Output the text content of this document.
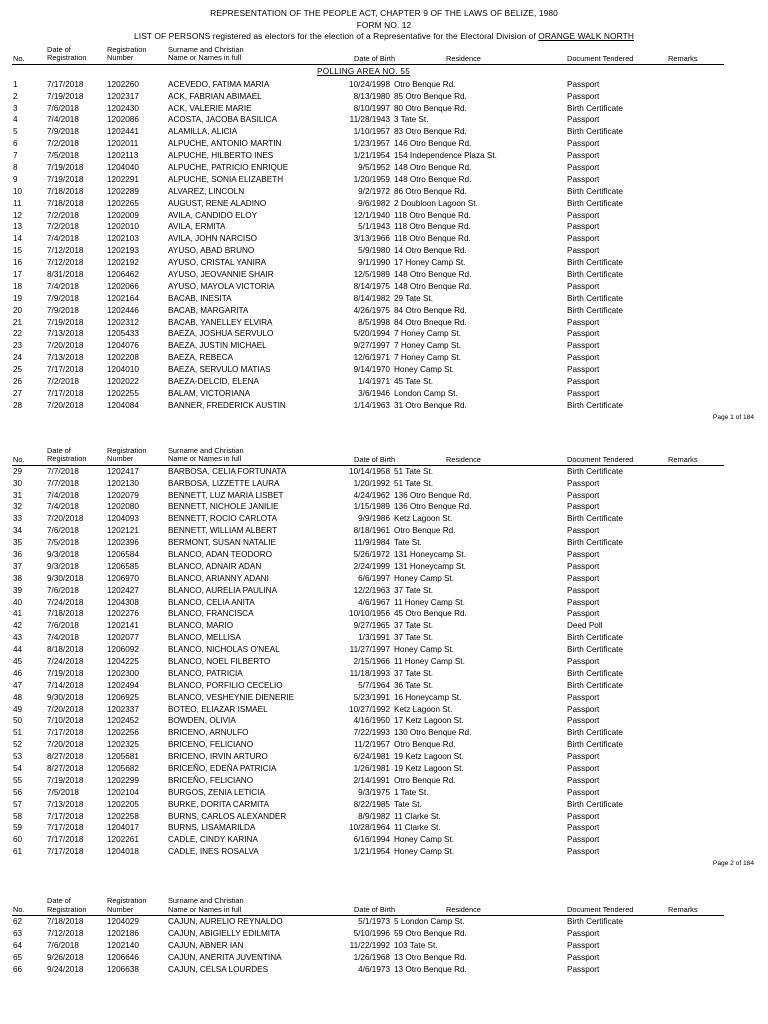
REPRESENTATION OF THE PEOPLE ACT, CHAPTER 9 OF THE LAWS OF BELIZE, 1980
FORM NO. 12
LIST OF PERSONS registered as electors for the election of a Representative for the Electoral Division of ORANGE WALK NORTH
No.
Date of
Registration
Registration
Number
Surname and Christian
Name or Names in full	Date of Birth	Residence	Document Tendered	Remarks
POLLING AREA NO. 55
1	7/17/2018	1202260	ACEVEDO, FATIMA MARIA	10/24/1998 Otro Benque Rd.	Passport
2	7/19/2018	1202317	ACK, FABRIAN ABIMAEL	8/13/1980 85 Otro Benque Rd.	Passport
3	7/6/2018	1202430	ACK, VALERIE MARIE	8/10/1997 80 Otro Benque Rd.	Birth Certificate
4	7/4/2018	1202086	ACOSTA, JACOBA BASILICA	11/28/1943 3 Tate St.	Passport
5	7/9/2018	1202441	ALAMILLA, ALICIA	1/10/1957 83 Otro Benque Rd.	Birth Certificate
6	7/2/2018	1202011	ALPUCHE, ANTONIO MARTIN	1/23/1957 146 Otro Benque Rd.	Passport
7	7/5/2018	1202113	ALPUCHE, HILBERTO INES	1/21/1954 154 Independence Plaza St.	Passport
8	7/19/2018	1204040	ALPUCHE, PATRICIO ENRIQUE	9/5/1952 148 Otro Benque Rd.	Passport
9	7/19/2018	1202291	ALPUCHE, SONIA ELIZABETH	1/20/1959 148 Otro Benque Rd.	Passport
10	7/18/2018	1202289	ALVAREZ, LINCOLN	9/2/1972 86 Otro Benque Rd.	Birth Certificate
11	7/18/2018	1202265	AUGUST, RENE ALADINO	9/6/1982 2 Doubloon Lagoon St.	Birth Certificate
12	7/2/2018	1202009	AVILA, CANDIDO ELOY	12/1/1940 118 Otro Benque Rd.	Passport
13	7/2/2018	1202010	AVILA, ERMITA	5/1/1943 118 Otro Benque Rd.	Passport
14	7/4/2018	1202103	AVILA, JOHN NARCISO	3/13/1966 118 Otro Benque Rd.	Passport
15	7/12/2018	1202193	AYUSO, ABAD BRUNO	5/9/1980 14 Otro Benque Rd.	Passport
16	7/12/2018	1202192	AYUSO, CRISTAL YANIRA	9/1/1990 17 Honey Camp St.	Birth Certificate
17	8/31/2018	1206462	AYUSO, JEOVANNIE SHAIR	12/5/1989 148 Otro Benque Rd.	Birth Certificate
18	7/4/2018	1202066	AYUSO, MAYOLA VICTORIA	8/14/1975 148 Otro Benque Rd.	Passport
19	7/9/2018	1202164	BACAB, INESITA	8/14/1982 29 Tate St.	Birth Certificate
20	7/9/2018	1202446	BACAB, MARGARITA	4/26/1975 84 Otro Benque Rd.	Birth Certificate
21	7/19/2018	1202312	BACAB, YANELLEY ELVIRA	8/5/1998 84 Otro Bneque Rd.	Passport
22	7/13/2018	1205433	BAEZA, JOSHUA SERVULO	5/20/1994 7 Honey Camp St.	Passport
23	7/20/2018	1204076	BAEZA, JUSTIN MICHAEL	9/27/1997 7 Honey Camp St.	Passport
24	7/13/2018	1202208	BAEZA, REBECA	12/6/1971 7 Honey Camp St.	Passport
25	7/17/2018	1204010	BAEZA, SERVULO MATIAS	9/14/1970 Honey Camp St.	Passport
26	7/2/2018	1202022	BAEZA-DELCID, ELENA	1/4/1971 45 Tate St.	Passport
27	7/17/2018	1202255	BALAM, VICTORIANA	3/6/1946 London Camp St.	Passport
28	7/20/2018	1204084	BANNER, FREDERICK AUSTIN	1/14/1963 31 Otro Benque Rd.	Birth Certificate
Page 1 of 184
No.
Date of
Registration
Registration
Number
Surname and Christian
Name or Names in full	Date of Birth	Residence	Document Tendered	Remarks
29	7/7/2018	1202417	BARBOSA, CELIA FORTUNATA	10/14/1958 51 Tate St.	Birth Certificate
30	7/7/2018	1202130	BARBOSA, LIZZETTE LAURA	1/20/1992 51 Tate St.	Passport
31	7/4/2018	1202079	BENNETT, LUZ MARIA LISBET	4/24/1962 136 Otro Benque Rd.	Passport
32	7/4/2018	1202080	BENNETT, NICHOLE JANILIE	1/15/1989 136 Otro Benque Rd.	Passport
33	7/20/2018	1204093	BENNETT, ROCIO CARLOTA	9/9/1986 Ketz Lagoon St.	Birth Certificate
34	7/6/2018	1202121	BENNETT, WILLIAM ALBERT	8/18/1961 Otro Benque Rd.	Passport
35	7/5/2018	1202396	BERMONT, SUSAN NATALIE	11/9/1984 Tate St.	Birth Certificate
36	9/3/2018	1206584	BLANCO, ADAN TEODORO	5/26/1972 131 Honeycamp St.	Passport
37	9/3/2018	1206585	BLANCO, ADNAIR ADAN	2/24/1999 131 Honeycamp St.	Passport
38	9/30/2018	1206970	BLANCO, ARIANNY ADANI	6/6/1997 Honey Camp St.	Passport
39	7/6/2018	1202427	BLANCO, AURELIA PAULINA	12/2/1963 37 Tate St.	Passport
40	7/24/2018	1204308	BLANCO, CELIA ANITA	4/6/1967 11 Honey Camp St.	Passport
41	7/18/2018	1202276	BLANCO, FRANCISCA	10/10/1956 45 Otro Benque Rd.	Passport
42	7/6/2018	1202141	BLANCO, MARIO	9/27/1965 37 Tate St.	Deed Poll
43	7/4/2018	1202077	BLANCO, MELLISA	1/3/1991 37 Tate St.	Birth Certificate
44	8/18/2018	1206092	BLANCO, NICHOLAS O'NEAL	11/27/1997 Honey Camp St.	Birth Certificate
45	7/24/2018	1204225	BLANCO, NOEL FILBERTO	2/15/1966 11 Honey Camp St.	Passport
46	7/19/2018	1202300	BLANCO, PATRICIA	11/18/1993 37 Tate St.	Birth Certificate
47	7/14/2018	1202494	BLANCO, PORFILIO CECELIO	5/7/1964 36 Tate St.	Birth Certificate
48	9/30/2018	1206925	BLANCO, VESHEYNIE DIENERIE	5/23/1991 16 Honeycamp St.	Passport
49	7/20/2018	1202337	BOTEO, ELIAZAR ISMAEL	10/27/1992 Ketz Lagoon St.	Passport
50	7/10/2018	1202452	BOWDEN, OLIVIA	4/16/1950 17 Ketz Lagoon St.	Passport
51	7/17/2018	1202256	BRICENO, ARNULFO	7/22/1993 130 Otro Benque Rd.	Birth Certificate
52	7/20/2018	1202325	BRICENO, FELICIANO	11/2/1957 Otro Benque Rd.	Birth Certificate
53	8/27/2018	1205681	BRICENO, IRVIN ARTURO	6/24/1981 19 Ketz Lagoon St.	Passport
54	8/27/2018	1205682	BRICEÑO, EDEÑA PATRICIA	1/26/1981 19 Ketz Lagoon St.	Passport
55	7/19/2018	1202299	BRICEÑO, FELICIANO	2/14/1991 Otro Benque Rd.	Passport
56	7/5/2018	1202104	BURGOS, ZENIA LETICIA	9/3/1975 1 Tate St.	Passport
57	7/13/2018	1202205	BURKE, DORITA CARMITA	8/22/1985 Tate St.	Birth Certificate
58	7/17/2018	1202258	BURNS, CARLOS ALEXANDER	8/9/1982 11 Clarke St.	Passport
59	7/17/2018	1204017	BURNS, LISAMARILDA	10/28/1964 11 Clarke St.	Passport
60	7/17/2018	1202261	CADLE, CINDY KARINA	6/16/1994 Honey Camp St.	Passport
61	7/17/2018	1204018	CADLE, INES ROSALVA	1/21/1954 Honey Camp St.	Passport
Page 2 of 184
No.
Date of
Registration
Registration
Number
Surname and Christian
Name or Names in full	Date of Birth	Residence	Document Tendered	Remarks
62	7/18/2018	1204029	CAJUN, AURELIO REYNALDO	5/1/1973 5 London Camp St.	Birth Certificate
63	7/12/2018	1202186	CAJUN, ABIGIELLY EDILMITA	5/10/1996 59 Otro Benque Rd.	Passport
64	7/6/2018	1202140	CAJUN, ABNER IAN	11/22/1992 103 Tate St.	Passport
65	9/26/2018	1206646	CAJUN, ANERITA JUVENTINA	1/26/1968 13 Otro Benque Rd.	Passport
66	9/24/2018	1206638	CAJUN, CELSA LOURDES	4/6/1973 13 Otro Benque Rd.	Passport
